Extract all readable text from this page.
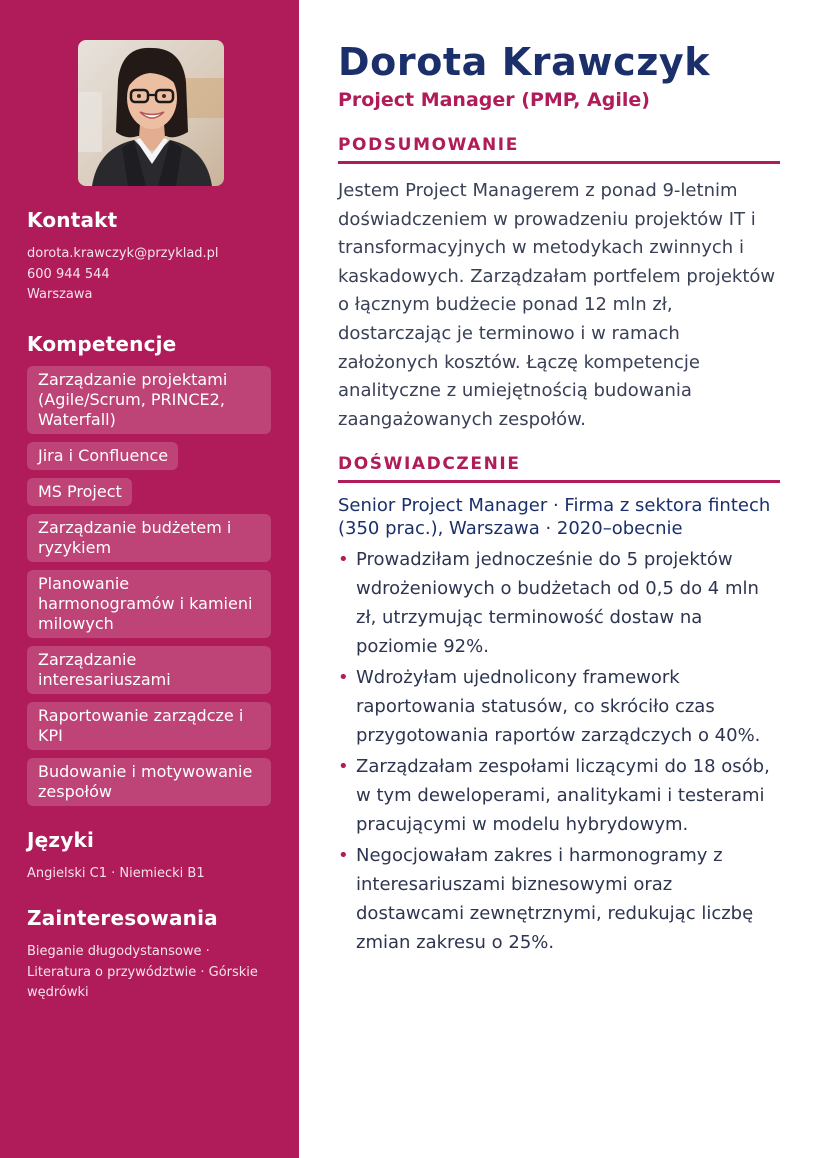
Kontakt
dorota.krawczyk@przyklad.pl
600 944 544
Warszawa
Kompetencje
Zarządzanie projektami (Agile/Scrum, PRINCE2, Waterfall)
Jira i Confluence
MS Project
Zarządzanie budżetem i ryzykiem
Planowanie harmonogramów i kamieni milowych
Zarządzanie interesariuszami
Raportowanie zarządcze i KPI
Budowanie i motywowanie zespołów
Języki
Angielski C1 · Niemiecki B1
Zainteresowania
Bieganie długodystansowe · Literatura o przywództwie · Górskie wędrówki
Dorota Krawczyk
Project Manager (PMP, Agile)
PODSUMOWANIE

Jestem Project Managerem z ponad 9-letnim doświadczeniem w prowadzeniu projektów IT i transformacyjnych w metodykach zwinnych i kaskadowych. Zarządzałam portfelem projektów o łącznym budżecie ponad 12 mln zł, dostarczając je terminowo i w ramach założonych kosztów. Łączę kompetencje analityczne z umiejętnością budowania zaangażowanych zespołów.

DOŚWIADCZENIE
Senior Project Manager · Firma z sektora fintech (350 prac.), Warszawa · 2020–obecnie
• Prowadziłam jednocześnie do 5 projektów wdrożeniowych o budżetach od 0,5 do 4 mln zł, utrzymując terminowość dostaw na poziomie 92%.
• Wdrożyłam ujednolicony framework raportowania statusów, co skróciło czas przygotowania raportów zarządczych o 40%.
• Zarządzałam zespołami liczącymi do 18 osób, w tym deweloperami, analitykami i testerami pracującymi w modelu hybrydowym.
• Negocjowałam zakres i harmonogramy z interesariuszami biznesowymi oraz dostawcami zewnętrznymi, redukując liczbę zmian zakresu o 25%.
